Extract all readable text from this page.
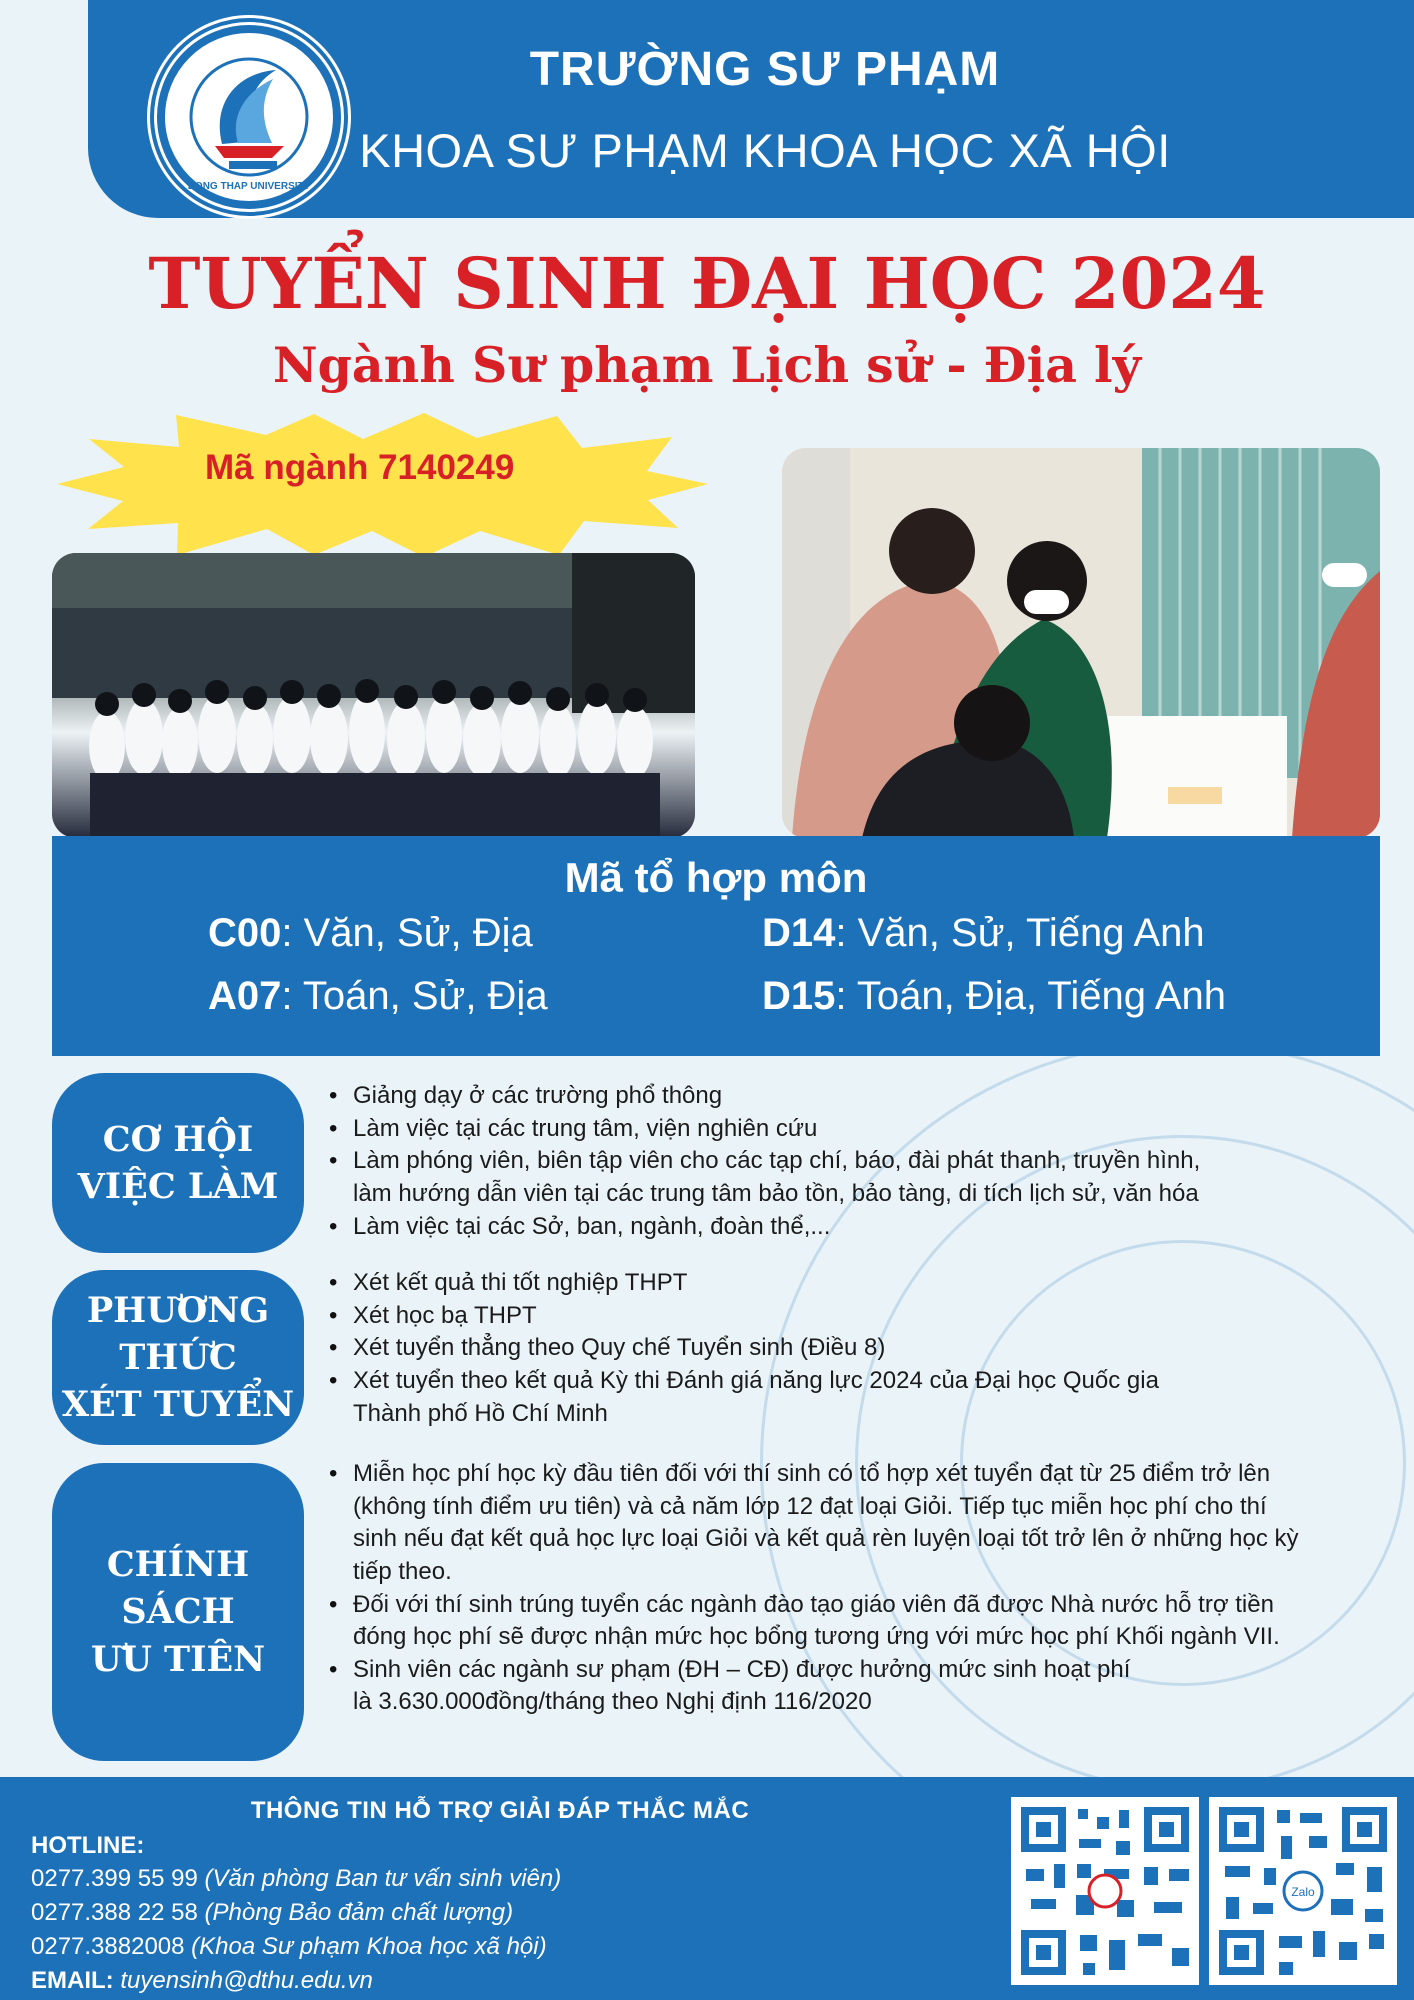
DONG THAP UNIVERSITY
TRƯỜNG SƯ PHẠM
KHOA SƯ PHẠM KHOA HỌC XÃ HỘI
TUYỂN SINH ĐẠI HỌC 2024
Ngành Sư phạm Lịch sử - Địa lý
Mã ngành 7140249
Mã tổ hợp môn
C00: Văn, Sử, Địa	D14: Văn, Sử, Tiếng Anh
A07: Toán, Sử, Địa	D15: Toán, Địa, Tiếng Anh
CƠ HỘI
VIỆC LÀM
• Giảng dạy ở các trường phổ thông
• Làm việc tại các trung tâm, viện nghiên cứu
• Làm phóng viên, biên tập viên cho các tạp chí, báo, đài phát thanh, truyền hình,
làm hướng dẫn viên tại các trung tâm bảo tồn, bảo tàng, di tích lịch sử, văn hóa
• Làm việc tại các Sở, ban, ngành, đoàn thể,...
PHƯƠNG
THỨC
XÉT TUYỂN
• Xét kết quả thi tốt nghiệp THPT
• Xét học bạ THPT
• Xét tuyển thẳng theo Quy chế Tuyển sinh (Điều 8)
• Xét tuyển theo kết quả Kỳ thi Đánh giá năng lực 2024 của Đại học Quốc gia
Thành phố Hồ Chí Minh
CHÍNH SÁCH
ƯU TIÊN
• Miễn học phí học kỳ đầu tiên đối với thí sinh có tổ hợp xét tuyển đạt từ 25 điểm trở lên
(không tính điểm ưu tiên) và cả năm lớp 12 đạt loại Giỏi. Tiếp tục miễn học phí cho thí
sinh nếu đạt kết quả học lực loại Giỏi và kết quả rèn luyện loại tốt trở lên ở những học kỳ
tiếp theo.
• Đối với thí sinh trúng tuyển các ngành đào tạo giáo viên đã được Nhà nước hỗ trợ tiền
đóng học phí sẽ được nhận mức học bổng tương ứng với mức học phí Khối ngành VII.
• Sinh viên các ngành sư phạm (ĐH – CĐ) được hưởng mức sinh hoạt phí
là 3.630.000đồng/tháng theo Nghị định 116/2020
THÔNG TIN HỖ TRỢ GIẢI ĐÁP THẮC MẮC
HOTLINE:
0277.399 55 99 (Văn phòng Ban tư vấn sinh viên)
0277.388 22 58 (Phòng Bảo đảm chất lượng)
0277.3882008 (Khoa Sư phạm Khoa học xã hội)
EMAIL: tuyensinh@dthu.edu.vn
Zalo
